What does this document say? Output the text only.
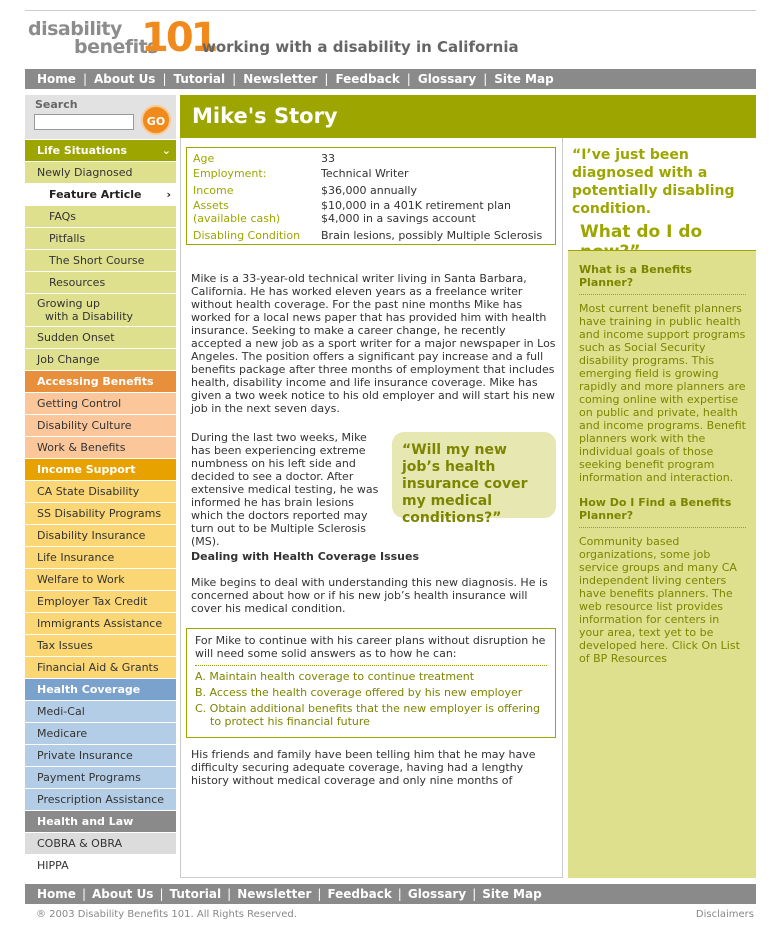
disability
benefits
101
working with a disability in California
Home | About Us | Tutorial | Newsletter | Feedback | Glossary | Site Map
Search
GO
Life Situations	⌄
Newly Diagnosed
Feature Article ›
FAQs
Pitfalls
The Short Course
Resources
Growing up
with a Disability
Sudden Onset
Job Change
Accessing Benefits
Getting Control
Disability Culture
Work & Benefits
Income Support
CA State Disability
SS Disability Programs
Disability Insurance
Life Insurance
Welfare to Work
Employer Tax Credit
Immigrants Assistance
Tax Issues
Financial Aid & Grants
Health Coverage
Medi-Cal
Medicare
Private Insurance
Payment Programs
Prescription Assistance
Health and Law
COBRA & OBRA
HIPPA
Mike's Story
Age	33
Employment:	Technical Writer
Income	$36,000 annually
Assets	$10,000 in a 401K retirement plan
(available cash)	$4,000 in a savings account
Disabling Condition	Brain lesions, possibly Multiple Sclerosis
Mike is a 33-year-old technical writer living in Santa Barbara, California. He has worked eleven years as a freelance writer without health coverage. For the past nine months Mike has worked for a local news paper that has provided him with health insurance. Seeking to make a career change, he recently accepted a new job as a sport writer for a major newspaper in Los Angeles. The position offers a significant pay increase and a full benefits package after three months of employment that includes health, disability income and life insurance coverage. Mike has given a two week notice to his old employer and will start his new job in the next seven days.
During the last two weeks, Mike has been experiencing extreme numbness on his left side and decided to see a doctor. After extensive medical testing, he was informed he has brain lesions which the doctors reported may turn out to be Multiple Sclerosis (MS).
“Will my new job’s health insurance cover my medical conditions?”
Dealing with Health Coverage Issues
Mike begins to deal with understanding this new diagnosis. He is concerned about how or if his new job’s health insurance will cover his medical condition.
For Mike to continue with his career plans without disruption he will need some solid answers as to how he can:
A. Maintain health coverage to continue treatment
B. Access the health coverage offered by his new employer
C. Obtain additional benefits that the new employer is offering to protect his financial future
His friends and family have been telling him that he may have difficulty securing adequate coverage, having had a lengthy history without medical coverage and only nine months of
“I’ve just been diagnosed with a potentially disabling condition.
What do I do
What is a Benefits Planner?

Most current benefit planners have training in public health and income support programs such as Social Security disability programs. This emerging field is growing rapidly and more planners are coming online with expertise on public and private, health and income programs. Benefit planners work with the individual goals of those seeking benefit program information and interaction.

How Do I Find a Benefits Planner?

Community based organizations, some job service groups and many CA independent living centers have benefits planners. The web resource list provides information for centers in your area, text yet to be developed here. Click On List of BP Resources

Home | About Us | Tutorial | Newsletter | Feedback | Glossary | Site Map
® 2003 Disability Benefits 101. All Rights Reserved.	Disclaimers
